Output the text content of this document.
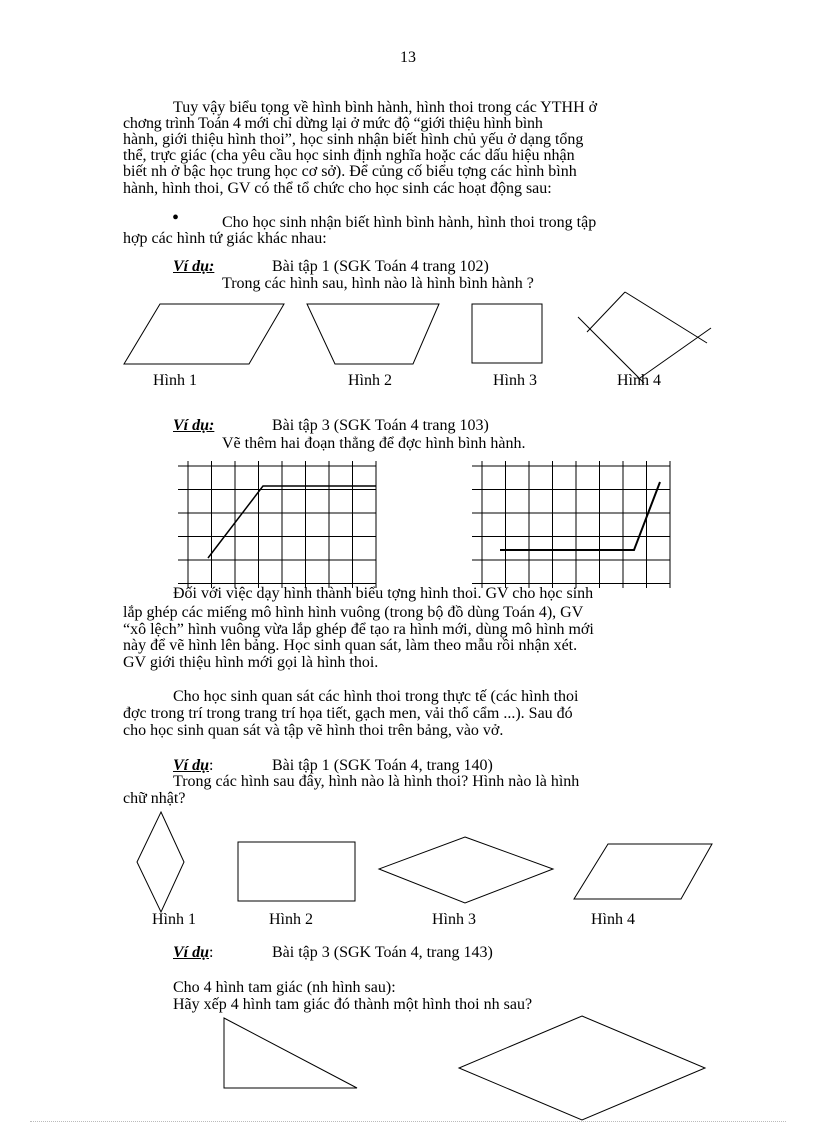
13
Tuy vậy biểu tọng về hình bình hành, hình thoi trong các YTHH ở
chơng trình Toán 4 mới chỉ dừng lại ở mức độ “giới thiệu hình bình
hành, giới thiệu hình thoi”, học sinh nhận biết hình chủ yếu ở dạng tổng
thể, trực giác (cha yêu cầu học sinh định nghĩa hoặc các dấu hiệu nhận
biết nh ở bậc học trung học cơ sở). Để củng cố biểu tợng các hình bình
hành, hình thoi, GV có thể tổ chức cho học sinh các hoạt động sau:
•	Cho học sinh nhận biết hình bình hành, hình thoi trong tập
hợp các hình tứ giác khác nhau:
Ví dụ:	Bài tập 1 (SGK Toán 4 trang 102)
Trong các hình sau, hình nào là hình bình hành ?
Hình 1	Hình 2	Hình 3	Hình 4
Ví dụ:	Bài tập 3 (SGK Toán 4 trang 103)
Vẽ thêm hai đoạn thẳng để đợc hình bình hành.
Đối với việc dạy hình thành biểu tợng hình thoi. GV cho học sinh
lắp ghép các miếng mô hình hình vuông (trong bộ đồ dùng Toán 4), GV
“xô lệch” hình vuông vừa lắp ghép để tạo ra hình mới, dùng mô hình mới
này để vẽ hình lên bảng. Học sinh quan sát, làm theo mẫu rồi nhận xét.
GV giới thiệu hình mới gọi là hình thoi.
Cho học sinh quan sát các hình thoi trong thực tế (các hình thoi
đợc trong trí trong trang trí họa tiết, gạch men, vải thổ cẩm ...). Sau đó
cho học sinh quan sát và tập vẽ hình thoi trên bảng, vào vở.
Ví dụ:	Bài tập 1 (SGK Toán 4, trang 140)
Trong các hình sau đây, hình nào là hình thoi? Hình nào là hình
chữ nhật?
Hình 1	Hình 2	Hình 3	Hình 4
Ví dụ:	Bài tập 3 (SGK Toán 4, trang 143)
Cho 4 hình tam giác (nh hình sau):
Hãy xếp 4 hình tam giác đó thành một hình thoi nh sau?
